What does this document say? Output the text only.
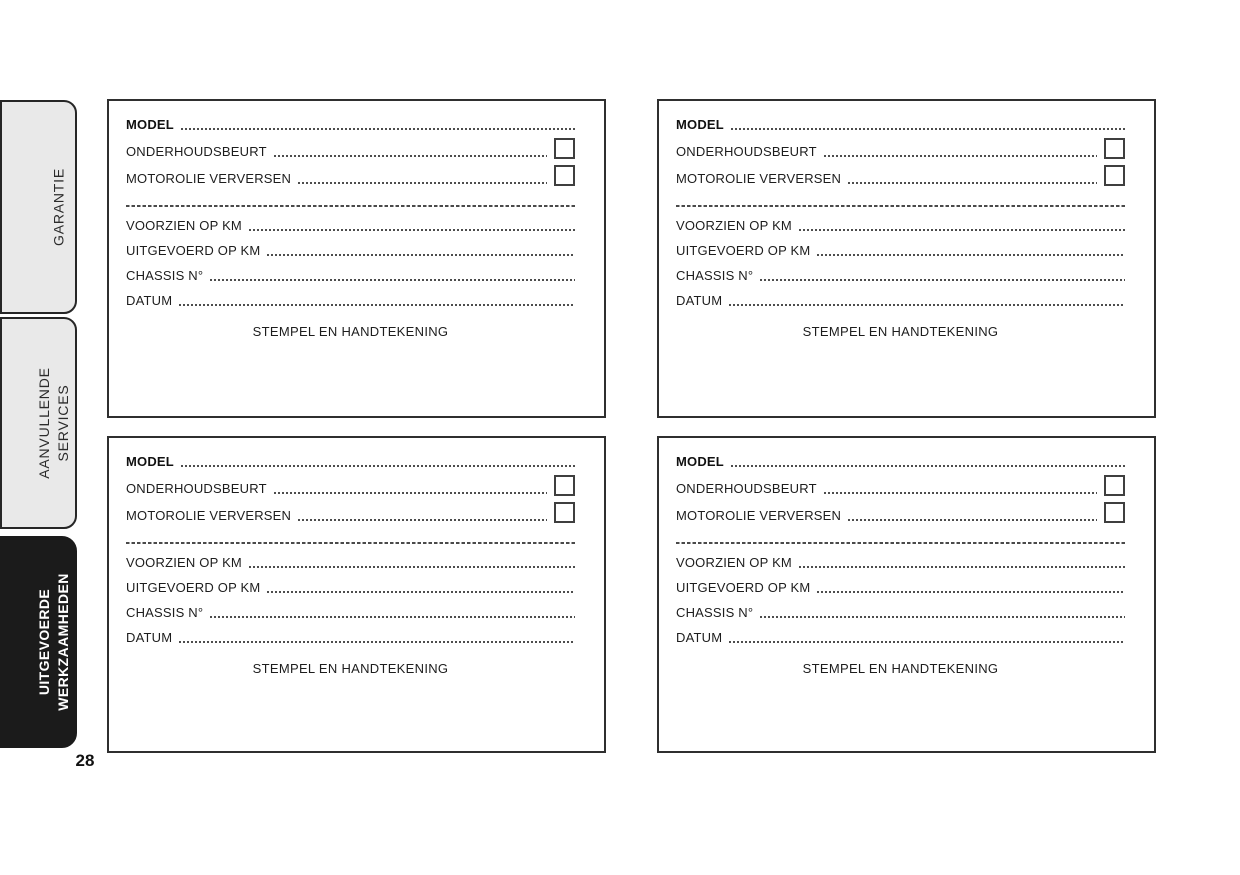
GARANTIE
AANVULLENDE SERVICES
UITGEVOERDE WERKZAAMHEDEN
28
MODEL
ONDERHOUDSBEURT
MOTOROLIE VERVERSEN
VOORZIEN OP KM
UITGEVOERD OP KM
CHASSIS N°
DATUM
STEMPEL EN HANDTEKENING
MODEL
ONDERHOUDSBEURT
MOTOROLIE VERVERSEN
VOORZIEN OP KM
UITGEVOERD OP KM
CHASSIS N°
DATUM
STEMPEL EN HANDTEKENING
MODEL
ONDERHOUDSBEURT
MOTOROLIE VERVERSEN
VOORZIEN OP KM
UITGEVOERD OP KM
CHASSIS N°
DATUM
STEMPEL EN HANDTEKENING
MODEL
ONDERHOUDSBEURT
MOTOROLIE VERVERSEN
VOORZIEN OP KM
UITGEVOERD OP KM
CHASSIS N°
DATUM
STEMPEL EN HANDTEKENING
